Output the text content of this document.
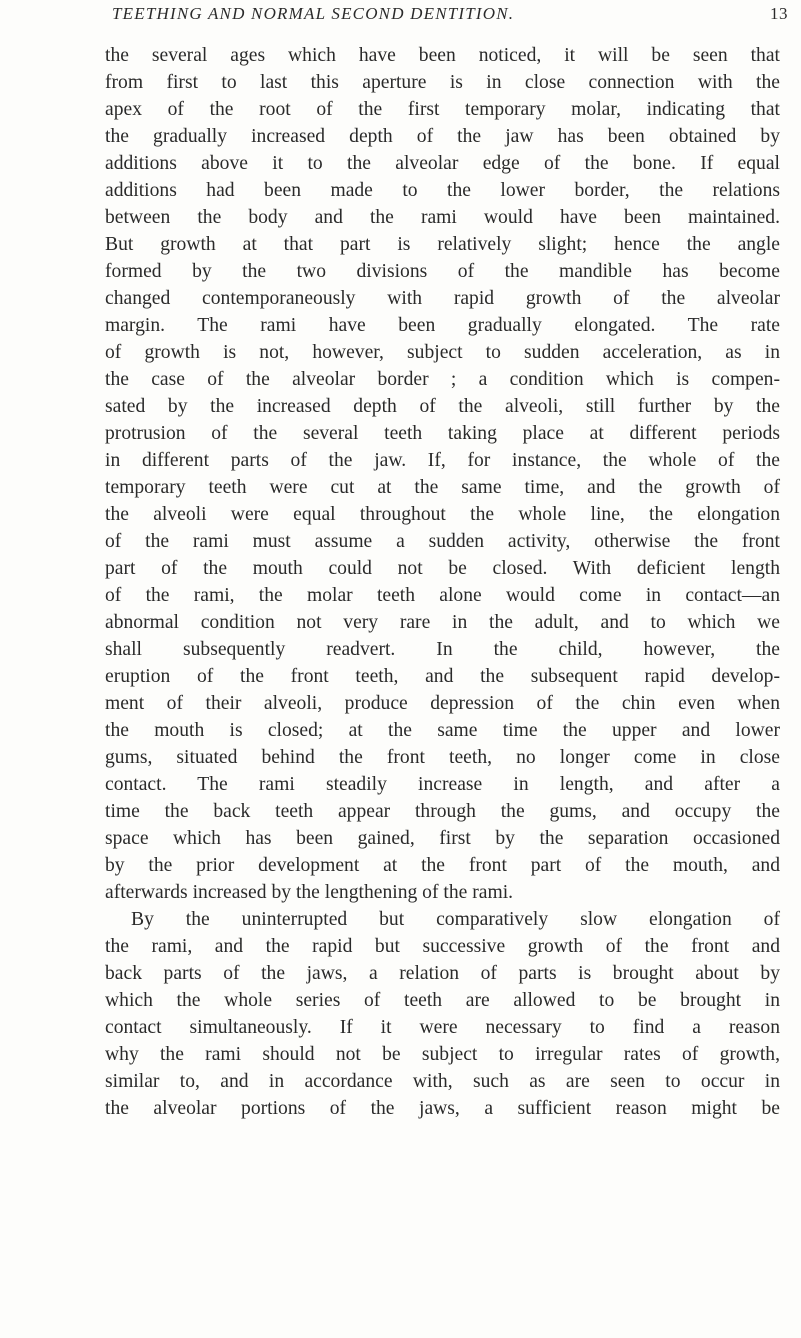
TEETHING AND NORMAL SECOND DENTITION.	13
the several ages which have been noticed, it will be seen that
from first to last this aperture is in close connection with the
apex of the root of the first temporary molar, indicating that
the gradually increased depth of the jaw has been obtained by
additions above it to the alveolar edge of the bone. If equal
additions had been made to the lower border, the relations
between the body and the rami would have been maintained.
But growth at that part is relatively slight; hence the angle
formed by the two divisions of the mandible has become
changed contemporaneously with rapid growth of the alveolar
margin. The rami have been gradually elongated. The rate
of growth is not, however, subject to sudden acceleration, as in
the case of the alveolar border ; a condition which is compen-
sated by the increased depth of the alveoli, still further by the
protrusion of the several teeth taking place at different periods
in different parts of the jaw. If, for instance, the whole of the
temporary teeth were cut at the same time, and the growth of
the alveoli were equal throughout the whole line, the elongation
of the rami must assume a sudden activity, otherwise the front
part of the mouth could not be closed. With deficient length
of the rami, the molar teeth alone would come in contact—an
abnormal condition not very rare in the adult, and to which we
shall subsequently readvert. In the child, however, the
eruption of the front teeth, and the subsequent rapid develop-
ment of their alveoli, produce depression of the chin even when
the mouth is closed; at the same time the upper and lower
gums, situated behind the front teeth, no longer come in close
contact. The rami steadily increase in length, and after a
time the back teeth appear through the gums, and occupy the
space which has been gained, first by the separation occasioned
by the prior development at the front part of the mouth, and
afterwards increased by the lengthening of the rami.
By the uninterrupted but comparatively slow elongation of
the rami, and the rapid but successive growth of the front and
back parts of the jaws, a relation of parts is brought about by
which the whole series of teeth are allowed to be brought in
contact simultaneously. If it were necessary to find a reason
why the rami should not be subject to irregular rates of growth,
similar to, and in accordance with, such as are seen to occur in
the alveolar portions of the jaws, a sufficient reason might be
